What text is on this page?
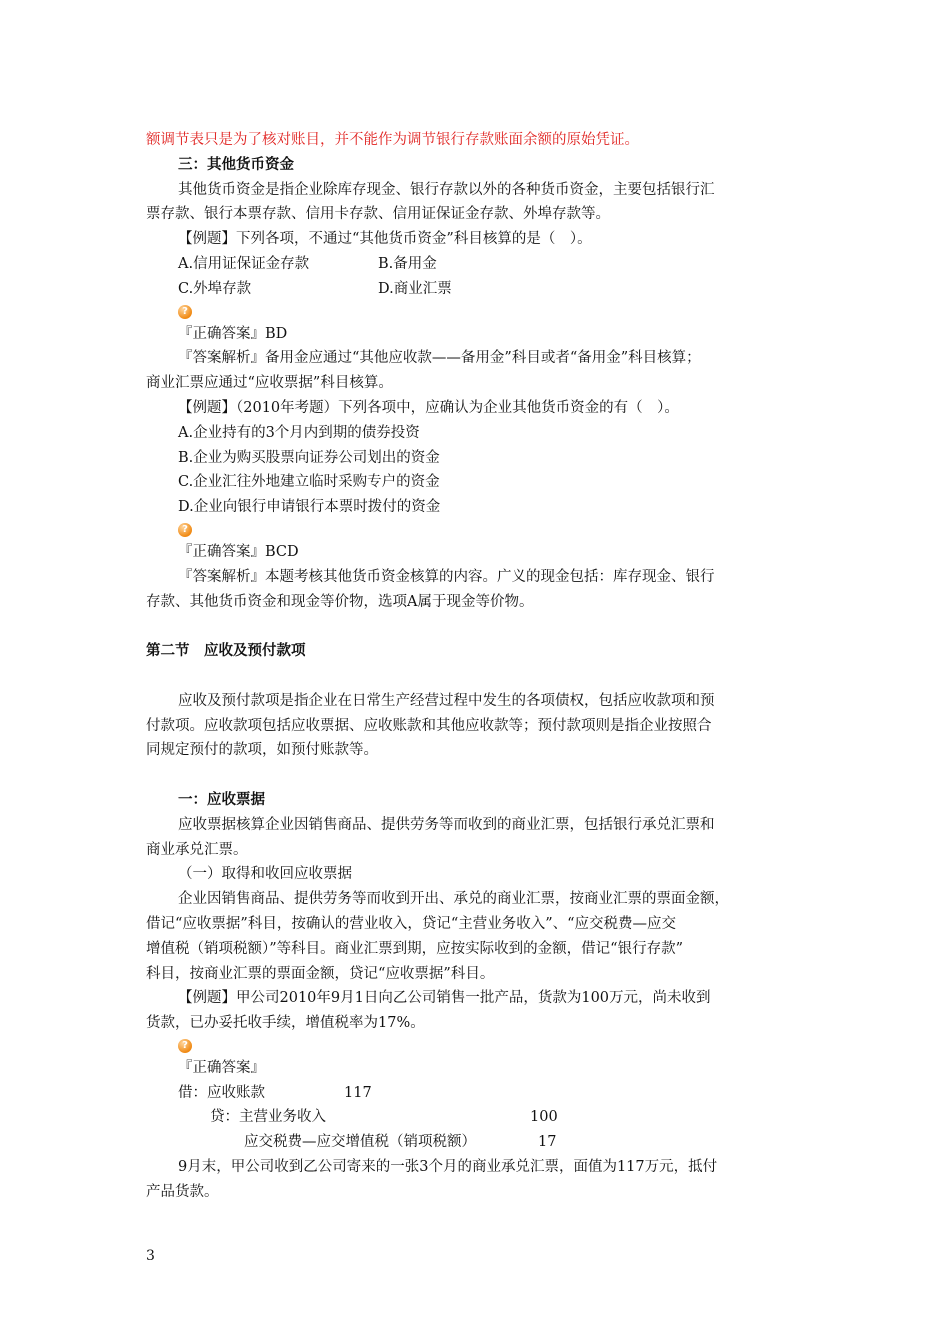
额调节表只是为了核对账目，并不能作为调节银行存款账面余额的原始凭证。
三：其他货币资金
其他货币资金是指企业除库存现金、银行存款以外的各种货币资金，主要包括银行汇
票存款、银行本票存款、信用卡存款、信用证保证金存款、外埠存款等。
【例题】下列各项，不通过“其他货币资金”科目核算的是（　）。
A.信用证保证金存款	B.备用金
C.外埠存款	D.商业汇票
?
『正确答案』BD
『答案解析』备用金应通过“其他应收款——备用金”科目或者“备用金”科目核算；
商业汇票应通过“应收票据”科目核算。
【例题】（2010年考题）下列各项中，应确认为企业其他货币资金的有（　）。
A.企业持有的3个月内到期的债券投资
B.企业为购买股票向证券公司划出的资金
C.企业汇往外地建立临时采购专户的资金
D.企业向银行申请银行本票时拨付的资金
?
『正确答案』BCD
『答案解析』本题考核其他货币资金核算的内容。广义的现金包括：库存现金、银行
存款、其他货币资金和现金等价物，选项A属于现金等价物。
第二节　应收及预付款项
应收及预付款项是指企业在日常生产经营过程中发生的各项债权，包括应收款项和预
付款项。应收款项包括应收票据、应收账款和其他应收款等；预付款项则是指企业按照合
同规定预付的款项，如预付账款等。
一：应收票据
应收票据核算企业因销售商品、提供劳务等而收到的商业汇票，包括银行承兑汇票和
商业承兑汇票。
（一）取得和收回应收票据
企业因销售商品、提供劳务等而收到开出、承兑的商业汇票，按商业汇票的票面金额，
借记“应收票据”科目，按确认的营业收入，贷记“主营业务收入”、“应交税费—应交
增值税（销项税额）”等科目。商业汇票到期，应按实际收到的金额，借记“银行存款”
科目，按商业汇票的票面金额，贷记“应收票据”科目。
【例题】甲公司2010年9月1日向乙公司销售一批产品，货款为100万元，尚未收到
货款，已办妥托收手续，增值税率为17%。
?
『正确答案』
借：应收账款	117
贷：主营业务收入	100
应交税费—应交增值税（销项税额）	17
9月末，甲公司收到乙公司寄来的一张3个月的商业承兑汇票，面值为117万元，抵付
产品货款。
3
